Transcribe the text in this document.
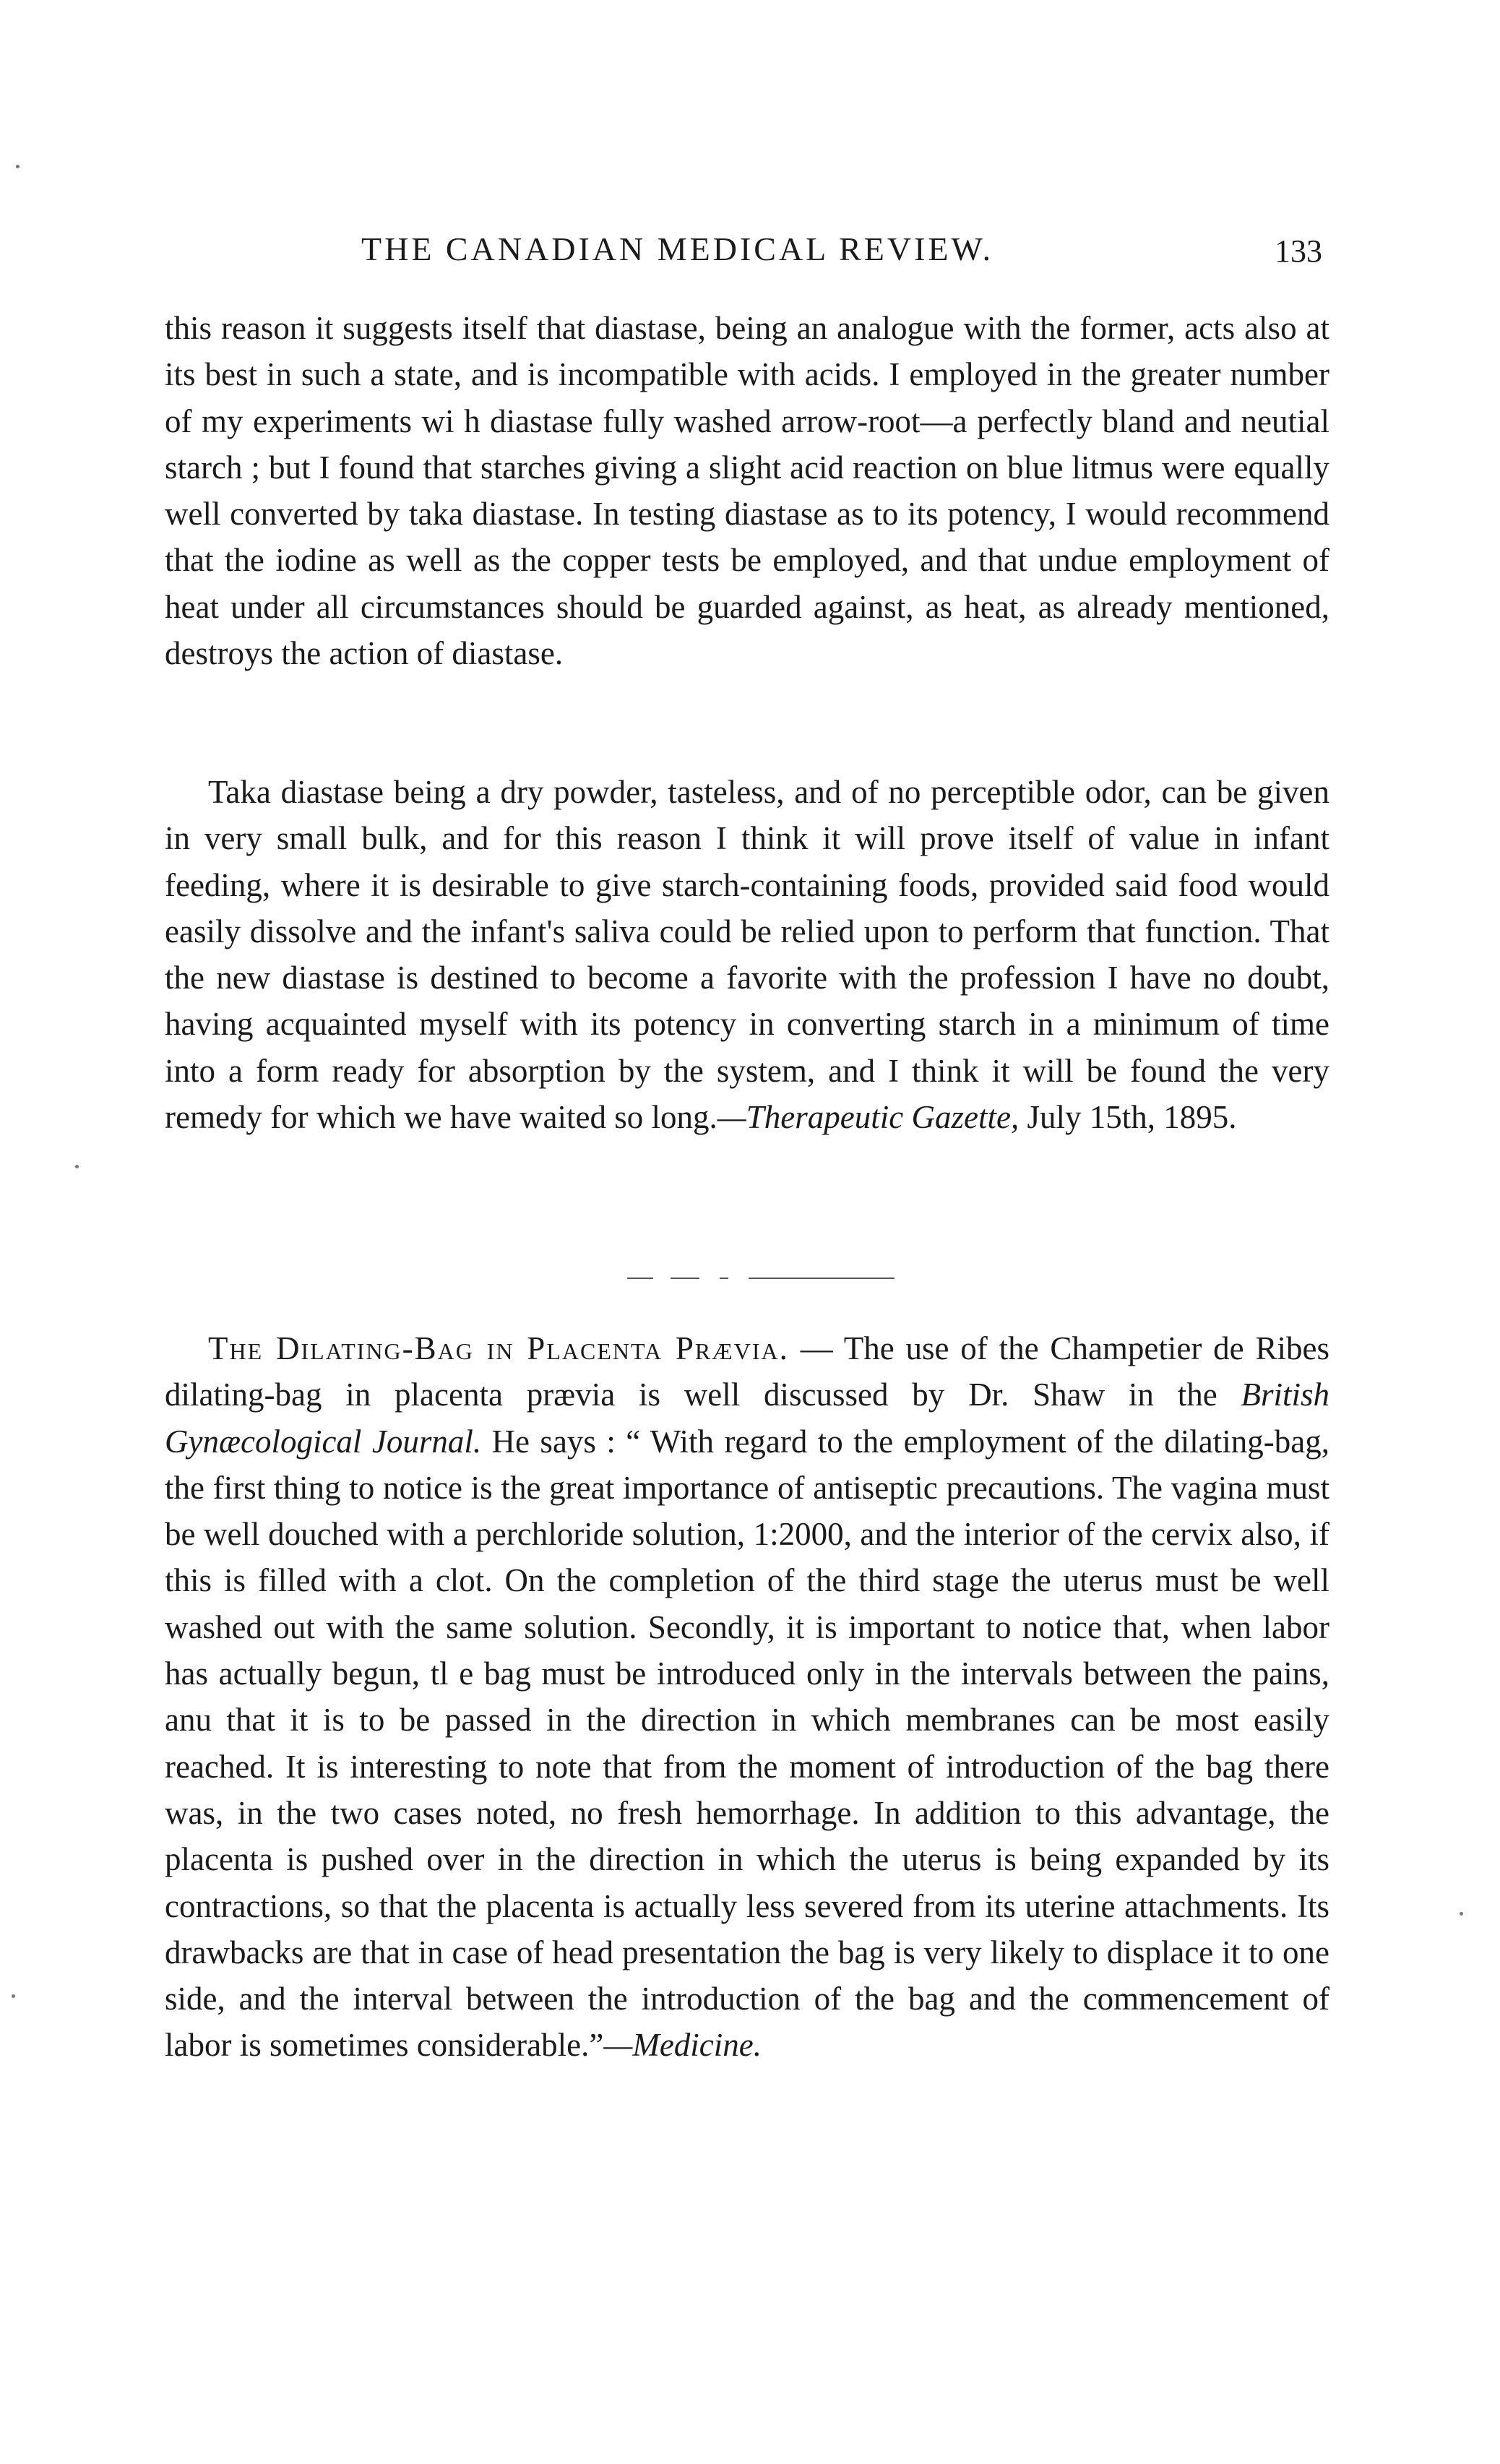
THE CANADIAN MEDICAL REVIEW.	133

this reason it suggests itself that diastase, being an analogue with the former, acts also at its best in such a state, and is incompatible with acids. I employed in the greater number of my experiments wi h diastase fully washed arrow-root—a perfectly bland and neutial starch ; but I found that starches giving a slight acid reaction on blue litmus were equally well converted by taka diastase. In testing diastase as to its potency, I would recommend that the iodine as well as the copper tests be employed, and that undue employment of heat under all circumstances should be guarded against, as heat, as already mentioned, destroys the action of diastase.

Taka diastase being a dry powder, tasteless, and of no perceptible odor, can be given in very small bulk, and for this reason I think it will prove itself of value in infant feeding, where it is desirable to give starch-containing foods, provided said food would easily dissolve and the infant's saliva could be relied upon to perform that function. That the new diastase is destined to become a favorite with the profession I have no doubt, having acquainted myself with its potency in converting starch in a minimum of time into a form ready for absorption by the system, and I think it will be found the very remedy for which we have waited so long.—Therapeutic Gazette, July 15th, 1895.

The Dilating-Bag in Placenta Prævia. — The use of the Champetier de Ribes dilating-bag in placenta prævia is well discussed by Dr. Shaw in the British Gynæcological Journal. He says : “ With regard to the employment of the dilating-bag, the first thing to notice is the great importance of antiseptic precautions. The vagina must be well douched with a perchloride solution, 1:2000, and the interior of the cervix also, if this is filled with a clot. On the completion of the third stage the uterus must be well washed out with the same solution. Secondly, it is important to notice that, when labor has actually begun, tl e bag must be introduced only in the intervals between the pains, anu that it is to be passed in the direction in which membranes can be most easily reached. It is interesting to note that from the moment of introduction of the bag there was, in the two cases noted, no fresh hemorrhage. In addition to this advantage, the placenta is pushed over in the direction in which the uterus is being expanded by its contractions, so that the placenta is actually less severed from its uterine attachments. Its drawbacks are that in case of head presentation the bag is very likely to displace it to one side, and the interval between the introduction of the bag and the commencement of labor is sometimes considerable.”—Medicine.
